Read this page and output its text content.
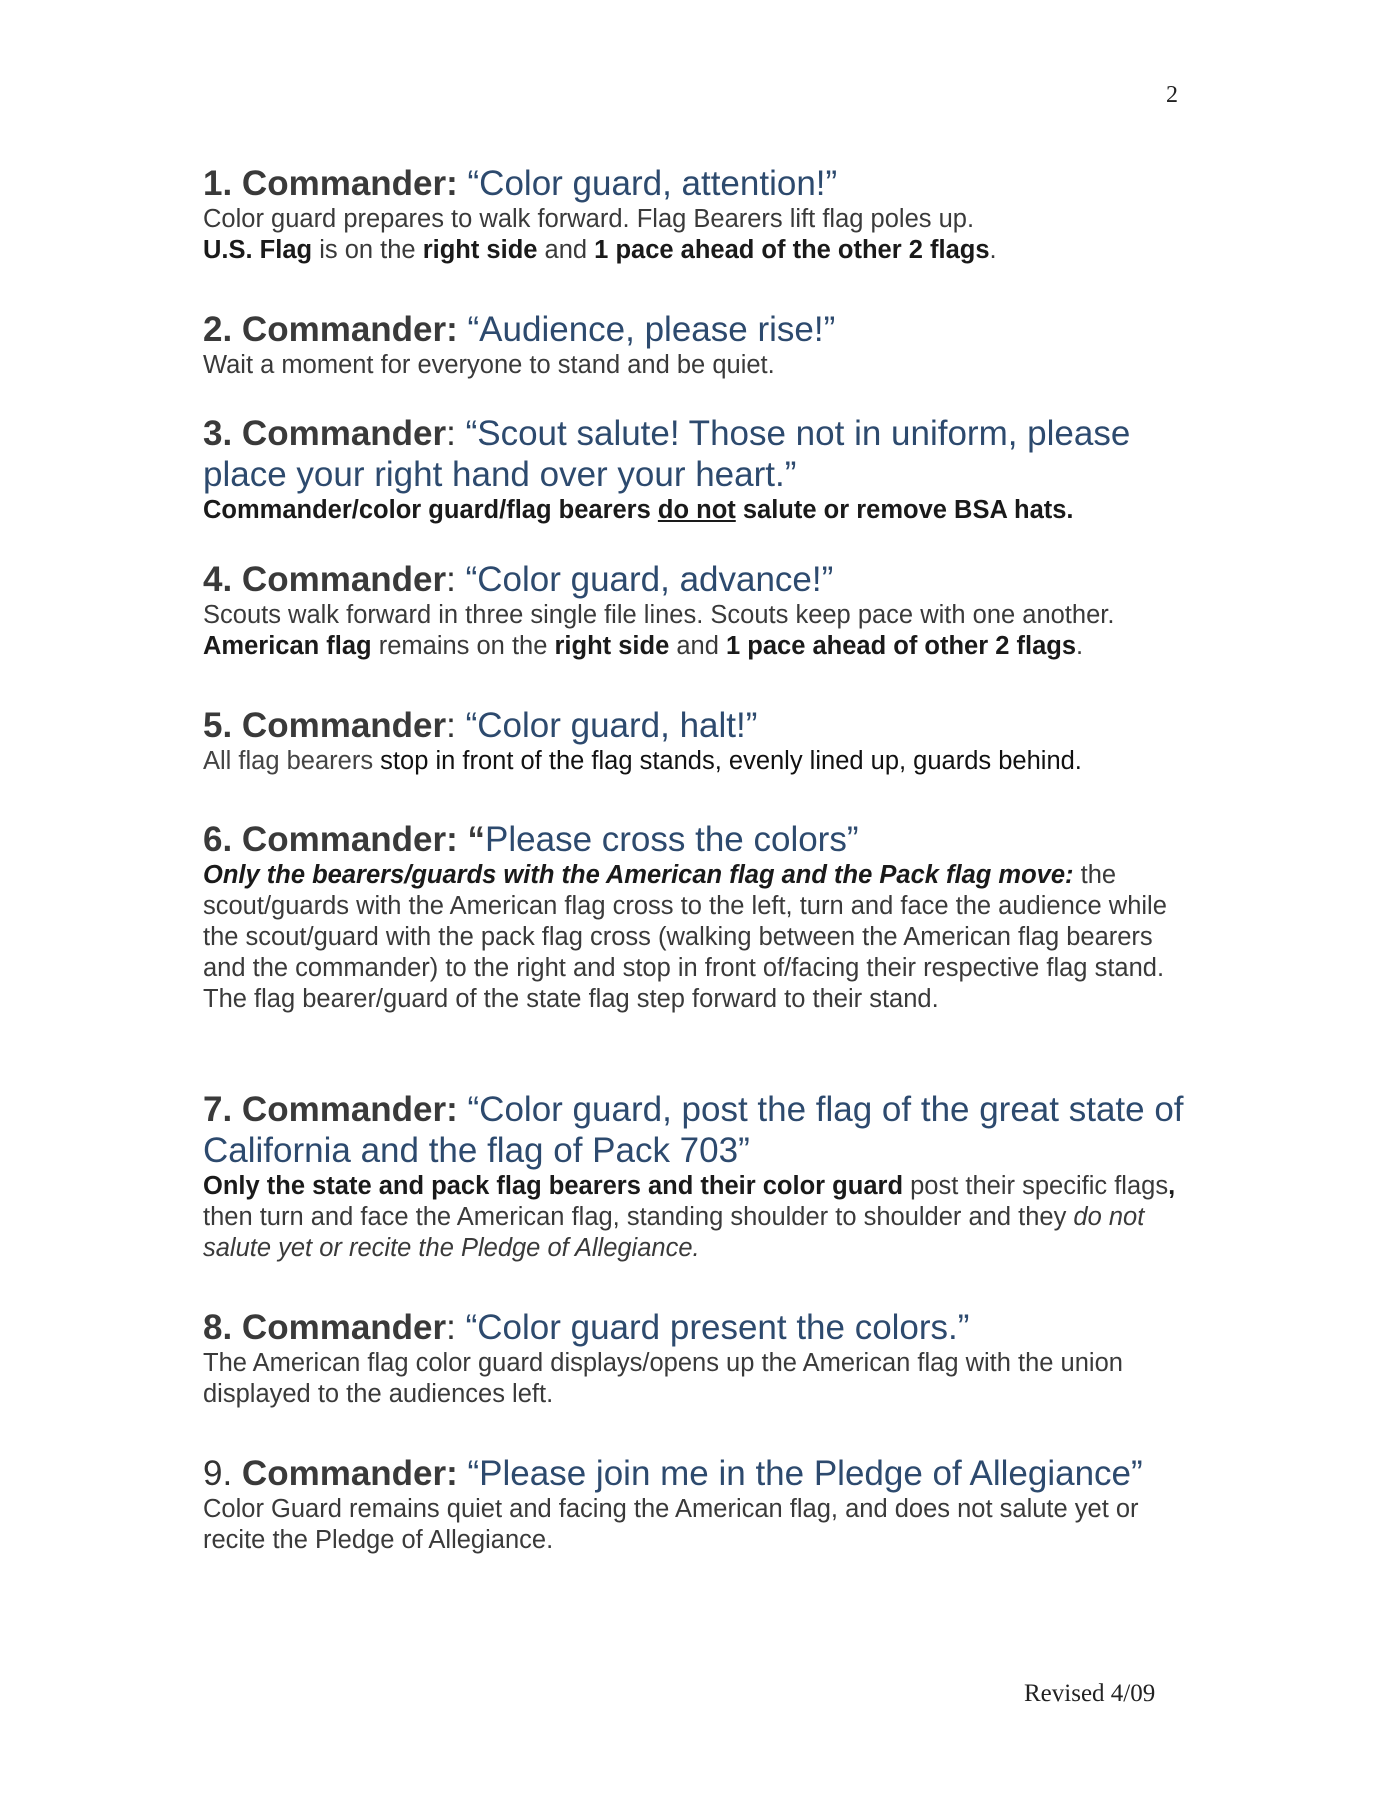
2

1. Commander: “Color guard, attention!”

Color guard prepares to walk forward. Flag Bearers lift flag poles up.
U.S. Flag is on the right side and 1 pace ahead of the other 2 flags.

2. Commander: “Audience, please rise!”

Wait a moment for everyone to stand and be quiet.

3. Commander: “Scout salute! Those not in uniform, please place your right hand over your heart.”

Commander/color guard/flag bearers do not salute or remove BSA hats.

4. Commander: “Color guard, advance!”

Scouts walk forward in three single file lines. Scouts keep pace with one another.
American flag remains on the right side and 1 pace ahead of other 2 flags.

5. Commander: “Color guard, halt!”

All flag bearers stop in front of the flag stands, evenly lined up, guards behind.

6. Commander: “Please cross the colors”

Only the bearers/guards with the American flag and the Pack flag move: the scout/guards with the American flag cross to the left, turn and face the audience while the scout/guard with the pack flag cross (walking between the American flag bearers and the commander) to the right and stop in front of/facing their respective flag stand. The flag bearer/guard of the state flag step forward to their stand.

7. Commander: “Color guard, post the flag of the great state of California and the flag of Pack 703”

Only the state and pack flag bearers and their color guard post their specific flags, then turn and face the American flag, standing shoulder to shoulder and they do not salute yet or recite the Pledge of Allegiance.

8. Commander: “Color guard present the colors.”

The American flag color guard displays/opens up the American flag with the union displayed to the audiences left.

9. Commander: “Please join me in the Pledge of Allegiance”

Color Guard remains quiet and facing the American flag, and does not salute yet or recite the Pledge of Allegiance.

Revised 4/09
